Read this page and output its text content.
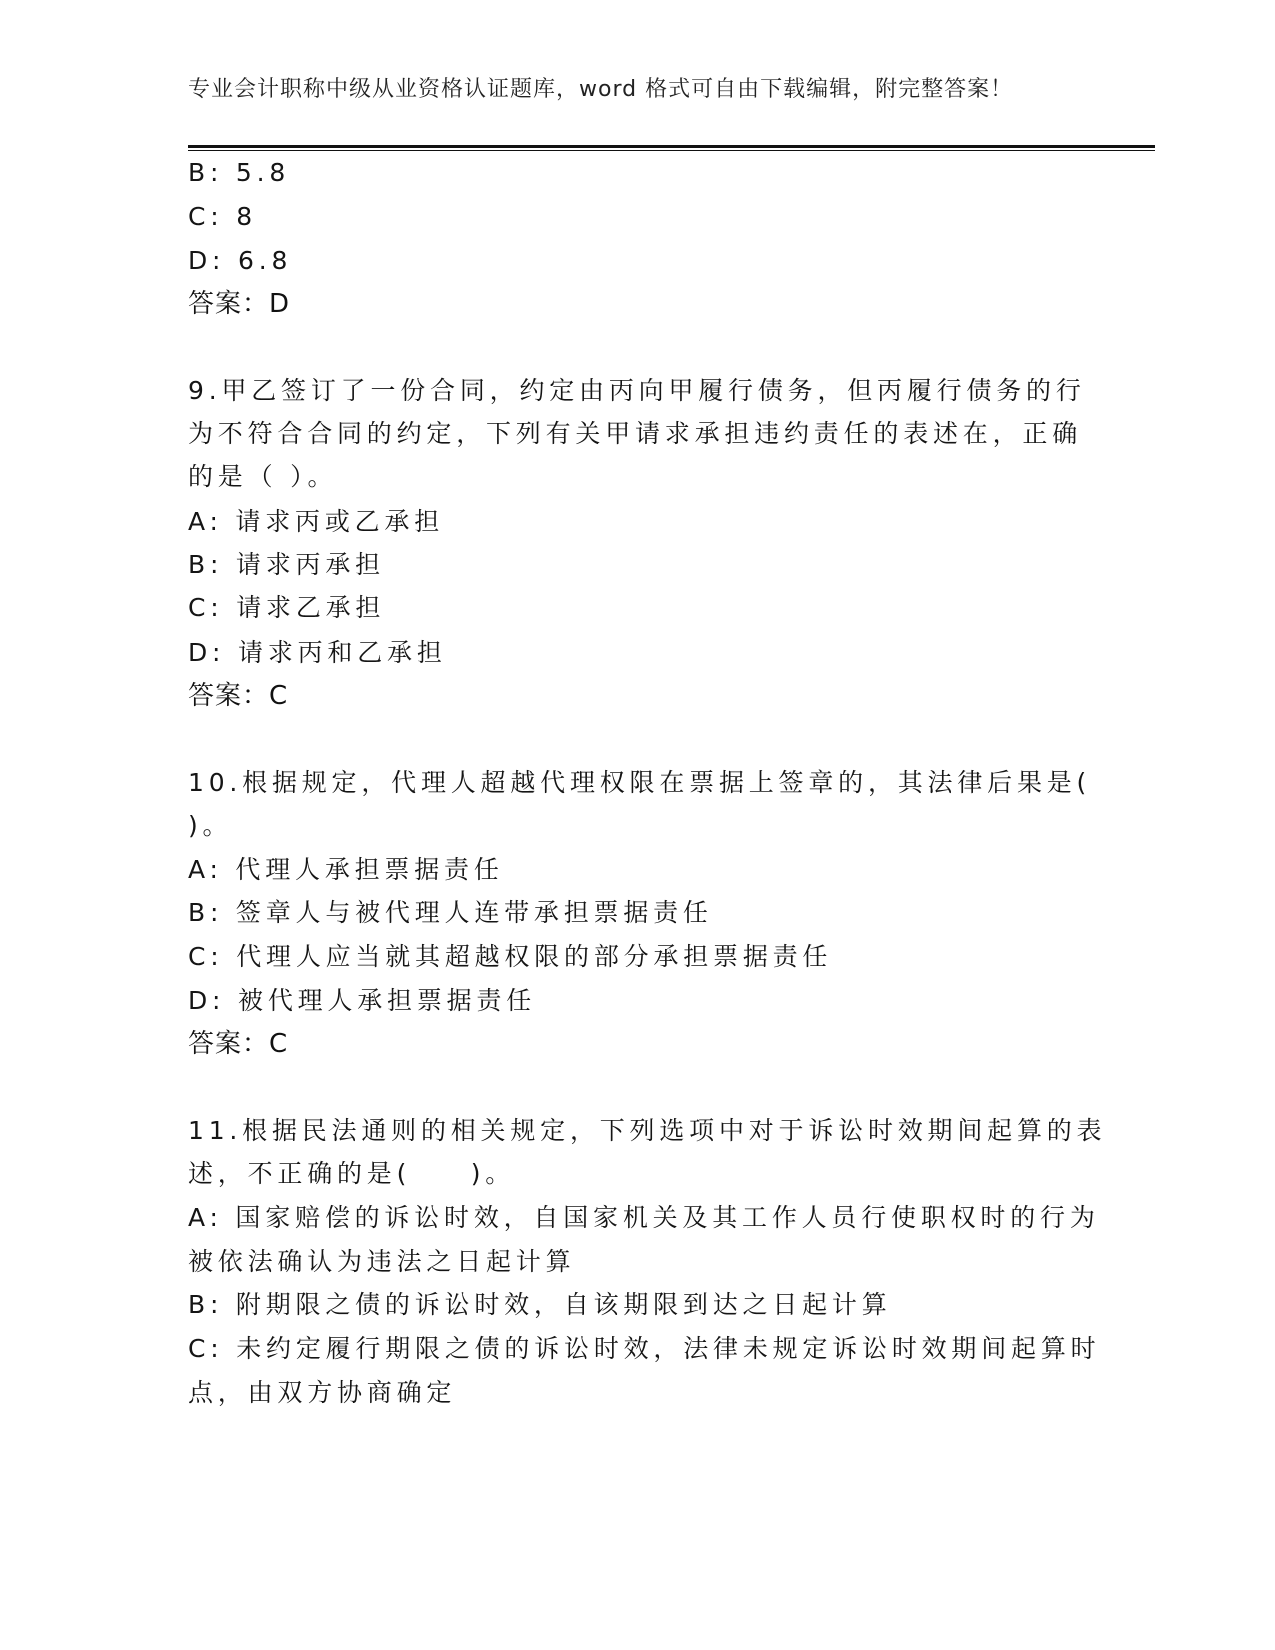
专业会计职称中级从业资格认证题库，word 格式可自由下载编辑，附完整答案！
B: 5.8
C: 8
D: 6.8
答案：D
9.甲乙签订了一份合同，约定由丙向甲履行债务，但丙履行债务的行
为不符合合同的约定，下列有关甲请求承担违约责任的表述在，正确
的是（ ）。
A: 请求丙或乙承担
B: 请求丙承担
C: 请求乙承担
D: 请求丙和乙承担
答案：C
10.根据规定，代理人超越代理权限在票据上签章的，其法律后果是(
)。
A: 代理人承担票据责任
B: 签章人与被代理人连带承担票据责任
C: 代理人应当就其超越权限的部分承担票据责任
D: 被代理人承担票据责任
答案：C
11.根据民法通则的相关规定，下列选项中对于诉讼时效期间起算的表
述，不正确的是(　　)。
A: 国家赔偿的诉讼时效，自国家机关及其工作人员行使职权时的行为
被依法确认为违法之日起计算
B: 附期限之债的诉讼时效，自该期限到达之日起计算
C: 未约定履行期限之债的诉讼时效，法律未规定诉讼时效期间起算时
点，由双方协商确定
